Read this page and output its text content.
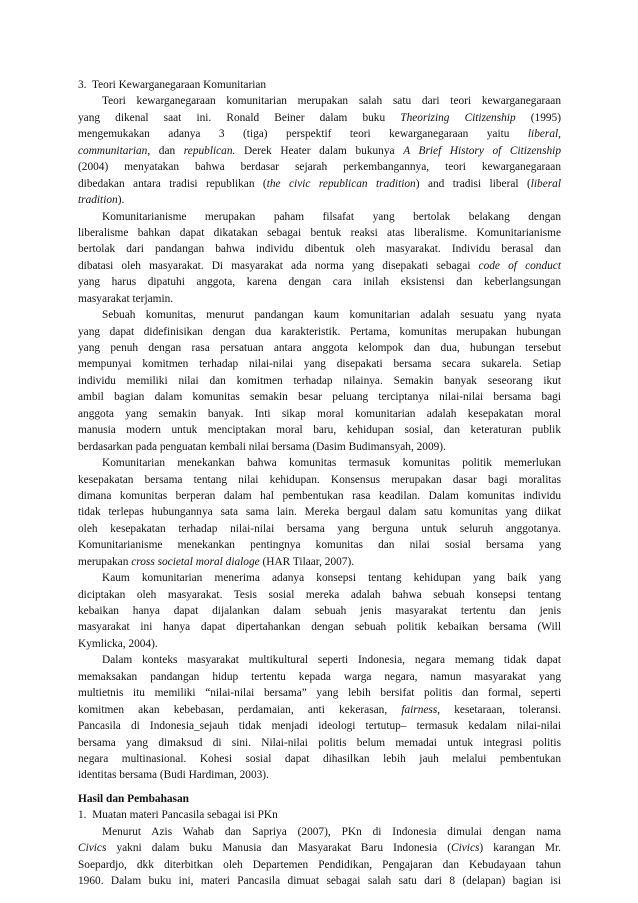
3. Teori Kewarganegaraan Komunitarian
Teori kewarganegaraan komunitarian merupakan salah satu dari teori kewarganegaraan
yang dikenal saat ini. Ronald Beiner dalam buku Theorizing Citizenship (1995)
mengemukakan adanya 3 (tiga) perspektif teori kewarganegaraan yaitu liberal,
communitarian, dan republican. Derek Heater dalam bukunya A Brief History of Citizenship
(2004) menyatakan bahwa berdasar sejarah perkembangannya, teori kewarganegaraan
dibedakan antara tradisi republikan (the civic republican tradition) and tradisi liberal (liberal
tradition).
Komunitarianisme merupakan paham filsafat yang bertolak belakang dengan
liberalisme bahkan dapat dikatakan sebagai bentuk reaksi atas liberalisme. Komunitarianisme
bertolak dari pandangan bahwa individu dibentuk oleh masyarakat. Individu berasal dan
dibatasi oleh masyarakat. Di masyarakat ada norma yang disepakati sebagai code of conduct
yang harus dipatuhi anggota, karena dengan cara inilah eksistensi dan keberlangsungan
masyarakat terjamin.
Sebuah komunitas, menurut pandangan kaum komunitarian adalah sesuatu yang nyata
yang dapat didefinisikan dengan dua karakteristik. Pertama, komunitas merupakan hubungan
yang penuh dengan rasa persatuan antara anggota kelompok dan dua, hubungan tersebut
mempunyai komitmen terhadap nilai-nilai yang disepakati bersama secara sukarela. Setiap
individu memiliki nilai dan komitmen terhadap nilainya. Semakin banyak seseorang ikut
ambil bagian dalam komunitas semakin besar peluang terciptanya nilai-nilai bersama bagi
anggota yang semakin banyak. Inti sikap moral komunitarian adalah kesepakatan moral
manusia modern untuk menciptakan moral baru, kehidupan sosial, dan keteraturan publik
berdasarkan pada penguatan kembali nilai bersama (Dasim Budimansyah, 2009).
Komunitarian menekankan bahwa komunitas termasuk komunitas politik memerlukan
kesepakatan bersama tentang nilai kehidupan. Konsensus merupakan dasar bagi moralitas
dimana komunitas berperan dalam hal pembentukan rasa keadilan. Dalam komunitas individu
tidak terlepas hubungannya sata sama lain. Mereka bergaul dalam satu komunitas yang diikat
oleh kesepakatan terhadap nilai-nilai bersama yang berguna untuk seluruh anggotanya.
Komunitarianisme menekankan pentingnya komunitas dan nilai sosial bersama yang
merupakan cross societal moral dialoge (HAR Tilaar, 2007).
Kaum komunitarian menerima adanya konsepsi tentang kehidupan yang baik yang
diciptakan oleh masyarakat. Tesis sosial mereka adalah bahwa sebuah konsepsi tentang
kebaikan hanya dapat dijalankan dalam sebuah jenis masyarakat tertentu dan jenis
masyarakat ini hanya dapat dipertahankan dengan sebuah politik kebaikan bersama (Will
Kymlicka, 2004).
Dalam konteks masyarakat multikultural seperti Indonesia, negara memang tidak dapat
memaksakan pandangan hidup tertentu kepada warga negara, namun masyarakat yang
multietnis itu memiliki “nilai-nilai bersama” yang lebih bersifat politis dan formal, seperti
komitmen akan kebebasan, perdamaian, anti kekerasan, fairness, kesetaraan, toleransi.
Pancasila di Indonesia_sejauh tidak menjadi ideologi tertutup– termasuk kedalam nilai-nilai
bersama yang dimaksud di sini. Nilai-nilai politis belum memadai untuk integrasi politis
negara multinasional. Kohesi sosial dapat dihasilkan lebih jauh melalui pembentukan
identitas bersama (Budi Hardiman, 2003).
Hasil dan Pembahasan
1. Muatan materi Pancasila sebagai isi PKn
Menurut Azis Wahab dan Sapriya (2007), PKn di Indonesia dimulai dengan nama
Civics yakni dalam buku Manusia dan Masyarakat Baru Indonesia (Civics) karangan Mr.
Soepardjo, dkk diterbitkan oleh Departemen Pendidikan, Pengajaran dan Kebudayaan tahun
1960. Dalam buku ini, materi Pancasila dimuat sebagai salah satu dari 8 (delapan) bagian isi
